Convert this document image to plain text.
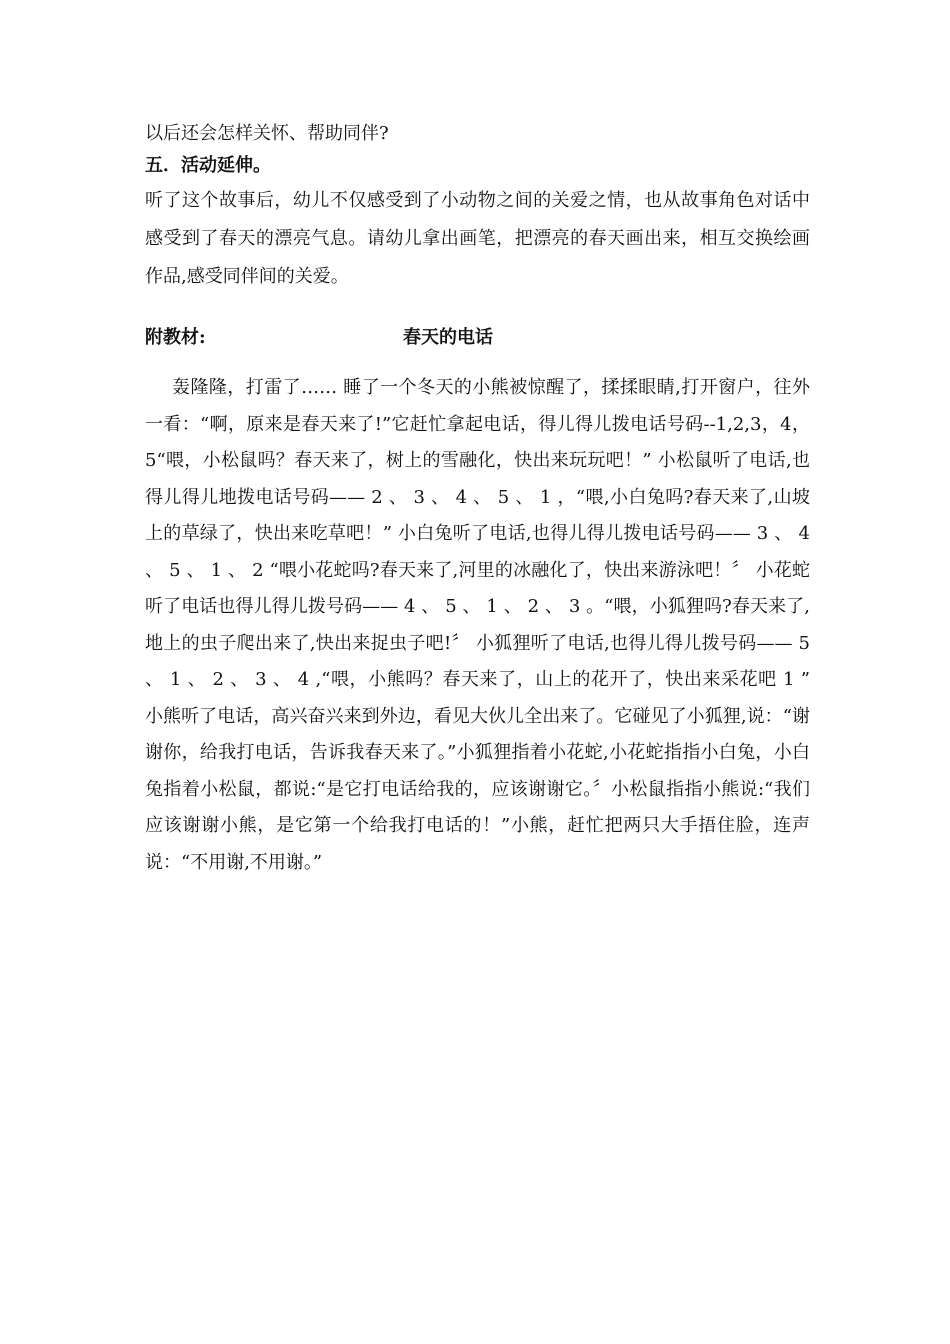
以后还会怎样关怀、帮助同伴?
五．活动延伸。

听了这个故事后，幼儿不仅感受到了小动物之间的关爱之情，也从故事角色对话中感受到了春天的漂亮气息。请幼儿拿出画笔，把漂亮的春天画出来，相互交换绘画作品,感受同伴间的关爱。

附教材:	春天的电话

轰隆隆，打雷了…… 睡了一个冬天的小熊被惊醒了，揉揉眼睛,打开窗户，往外一看：“啊，原来是春天来了!”它赶忙拿起电话，得儿得儿拨电话号码--1,2,3，4，5“喂，小松鼠吗？春天来了，树上的雪融化，快出来玩玩吧！” 小松鼠听了电话,也得儿得儿地拨电话号码—— 2 、 3 、 4 、 5 、 1 ，“喂,小白兔吗?春天来了,山坡上的草绿了，快出来吃草吧！” 小白兔听了电话,也得儿得儿拨电话号码—— 3 、 4 、 5 、 1 、 2 “喂小花蛇吗?春天来了,河里的冰融化了，快出来游泳吧！〞 小花蛇听了电话也得儿得儿拨号码—— 4 、 5 、 1 、 2 、 3 。“喂，小狐狸吗?春天来了,地上的虫子爬出来了,快出来捉虫子吧!〞 小狐狸听了电话,也得儿得儿拨号码—— 5 、 1 、 2 、 3 、 4 ,“喂，小熊吗？春天来了，山上的花开了，快出来采花吧 1 ” 小熊听了电话，高兴奋兴来到外边，看见大伙儿全出来了。它碰见了小狐狸,说：“谢谢你，给我打电话，告诉我春天来了。”小狐狸指着小花蛇,小花蛇指指小白兔，小白兔指着小松鼠，都说:“是它打电话给我的，应该谢谢它。〞小松鼠指指小熊说:“我们应该谢谢小熊，是它第一个给我打电话的！”小熊，赶忙把两只大手捂住脸，连声说：“不用谢,不用谢。”
